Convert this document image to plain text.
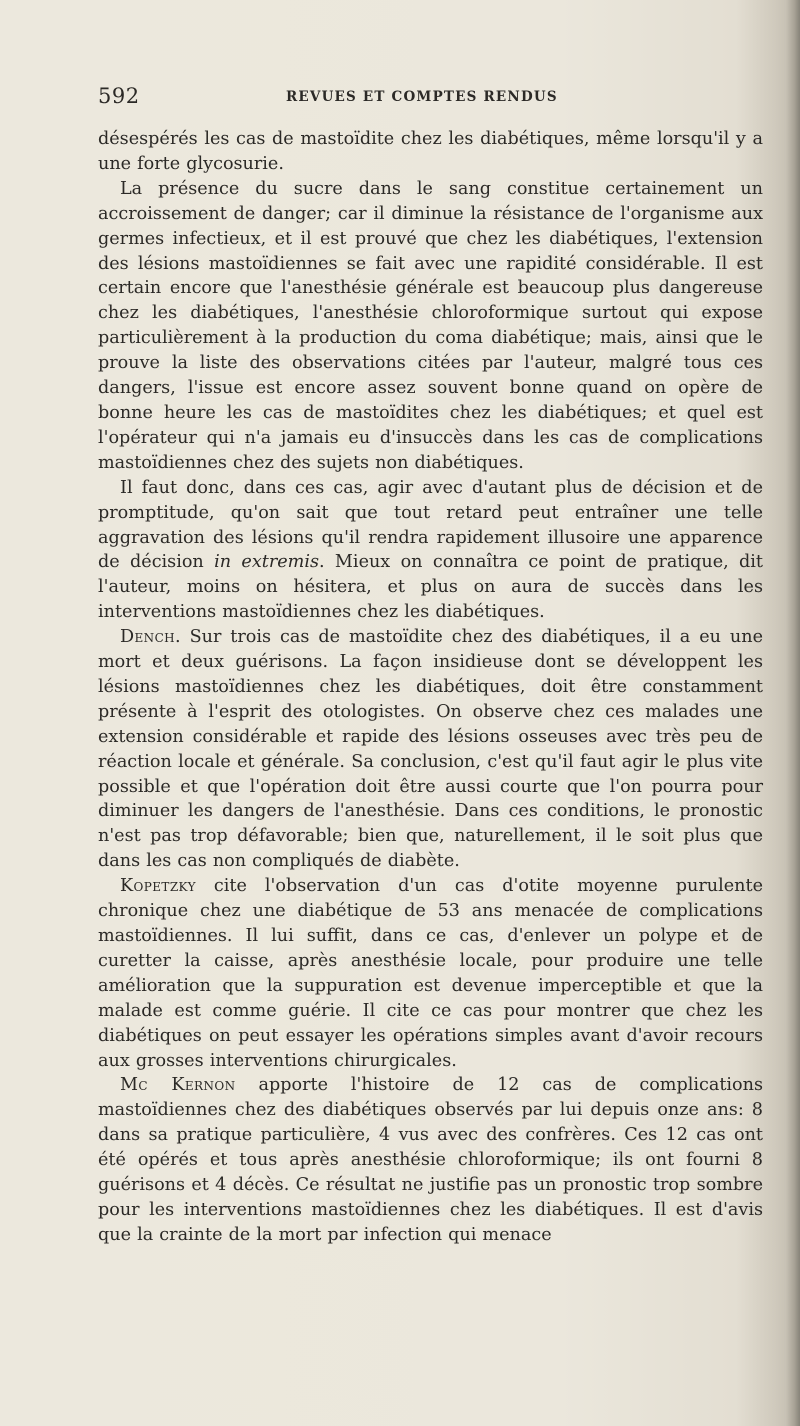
592	REVUES ET COMPTES RENDUS

désespérés les cas de mastoïdite chez les diabétiques, même lorsqu'il y a une forte glycosurie.

La présence du sucre dans le sang constitue certainement un accroissement de danger; car il diminue la résistance de l'organisme aux germes infectieux, et il est prouvé que chez les diabétiques, l'extension des lésions mastoïdiennes se fait avec une rapidité considérable. Il est certain encore que l'anesthésie générale est beaucoup plus dangereuse chez les diabétiques, l'anesthésie chloroformique surtout qui expose particulièrement à la production du coma diabétique; mais, ainsi que le prouve la liste des observations citées par l'auteur, malgré tous ces dangers, l'issue est encore assez souvent bonne quand on opère de bonne heure les cas de mastoïdites chez les diabétiques; et quel est l'opérateur qui n'a jamais eu d'insuccès dans les cas de complications mastoïdiennes chez des sujets non diabétiques.

Il faut donc, dans ces cas, agir avec d'autant plus de décision et de promptitude, qu'on sait que tout retard peut entraîner une telle aggravation des lésions qu'il rendra rapidement illusoire une apparence de décision in extremis. Mieux on connaîtra ce point de pratique, dit l'auteur, moins on hésitera, et plus on aura de succès dans les interventions mastoïdiennes chez les diabétiques.

Dench. Sur trois cas de mastoïdite chez des diabétiques, il a eu une mort et deux guérisons. La façon insidieuse dont se développent les lésions mastoïdiennes chez les diabétiques, doit être constamment présente à l'esprit des otologistes. On observe chez ces malades une extension considérable et rapide des lésions osseuses avec très peu de réaction locale et générale. Sa conclusion, c'est qu'il faut agir le plus vite possible et que l'opération doit être aussi courte que l'on pourra pour diminuer les dangers de l'anesthésie. Dans ces conditions, le pronostic n'est pas trop défavorable; bien que, naturellement, il le soit plus que dans les cas non compliqués de diabète.

Kopetzky cite l'observation d'un cas d'otite moyenne purulente chronique chez une diabétique de 53 ans menacée de complications mastoïdiennes. Il lui suffit, dans ce cas, d'enlever un polype et de curetter la caisse, après anesthésie locale, pour produire une telle amélioration que la suppuration est devenue imperceptible et que la malade est comme guérie. Il cite ce cas pour montrer que chez les diabétiques on peut essayer les opérations simples avant d'avoir recours aux grosses interventions chirurgicales.

Mc Kernon apporte l'histoire de 12 cas de complications mastoïdiennes chez des diabétiques observés par lui depuis onze ans: 8 dans sa pratique particulière, 4 vus avec des confrères. Ces 12 cas ont été opérés et tous après anesthésie chloroformique; ils ont fourni 8 guérisons et 4 décès. Ce résultat ne justifie pas un pronostic trop sombre pour les interventions mastoïdiennes chez les diabétiques. Il est d'avis que la crainte de la mort par infection qui menace
